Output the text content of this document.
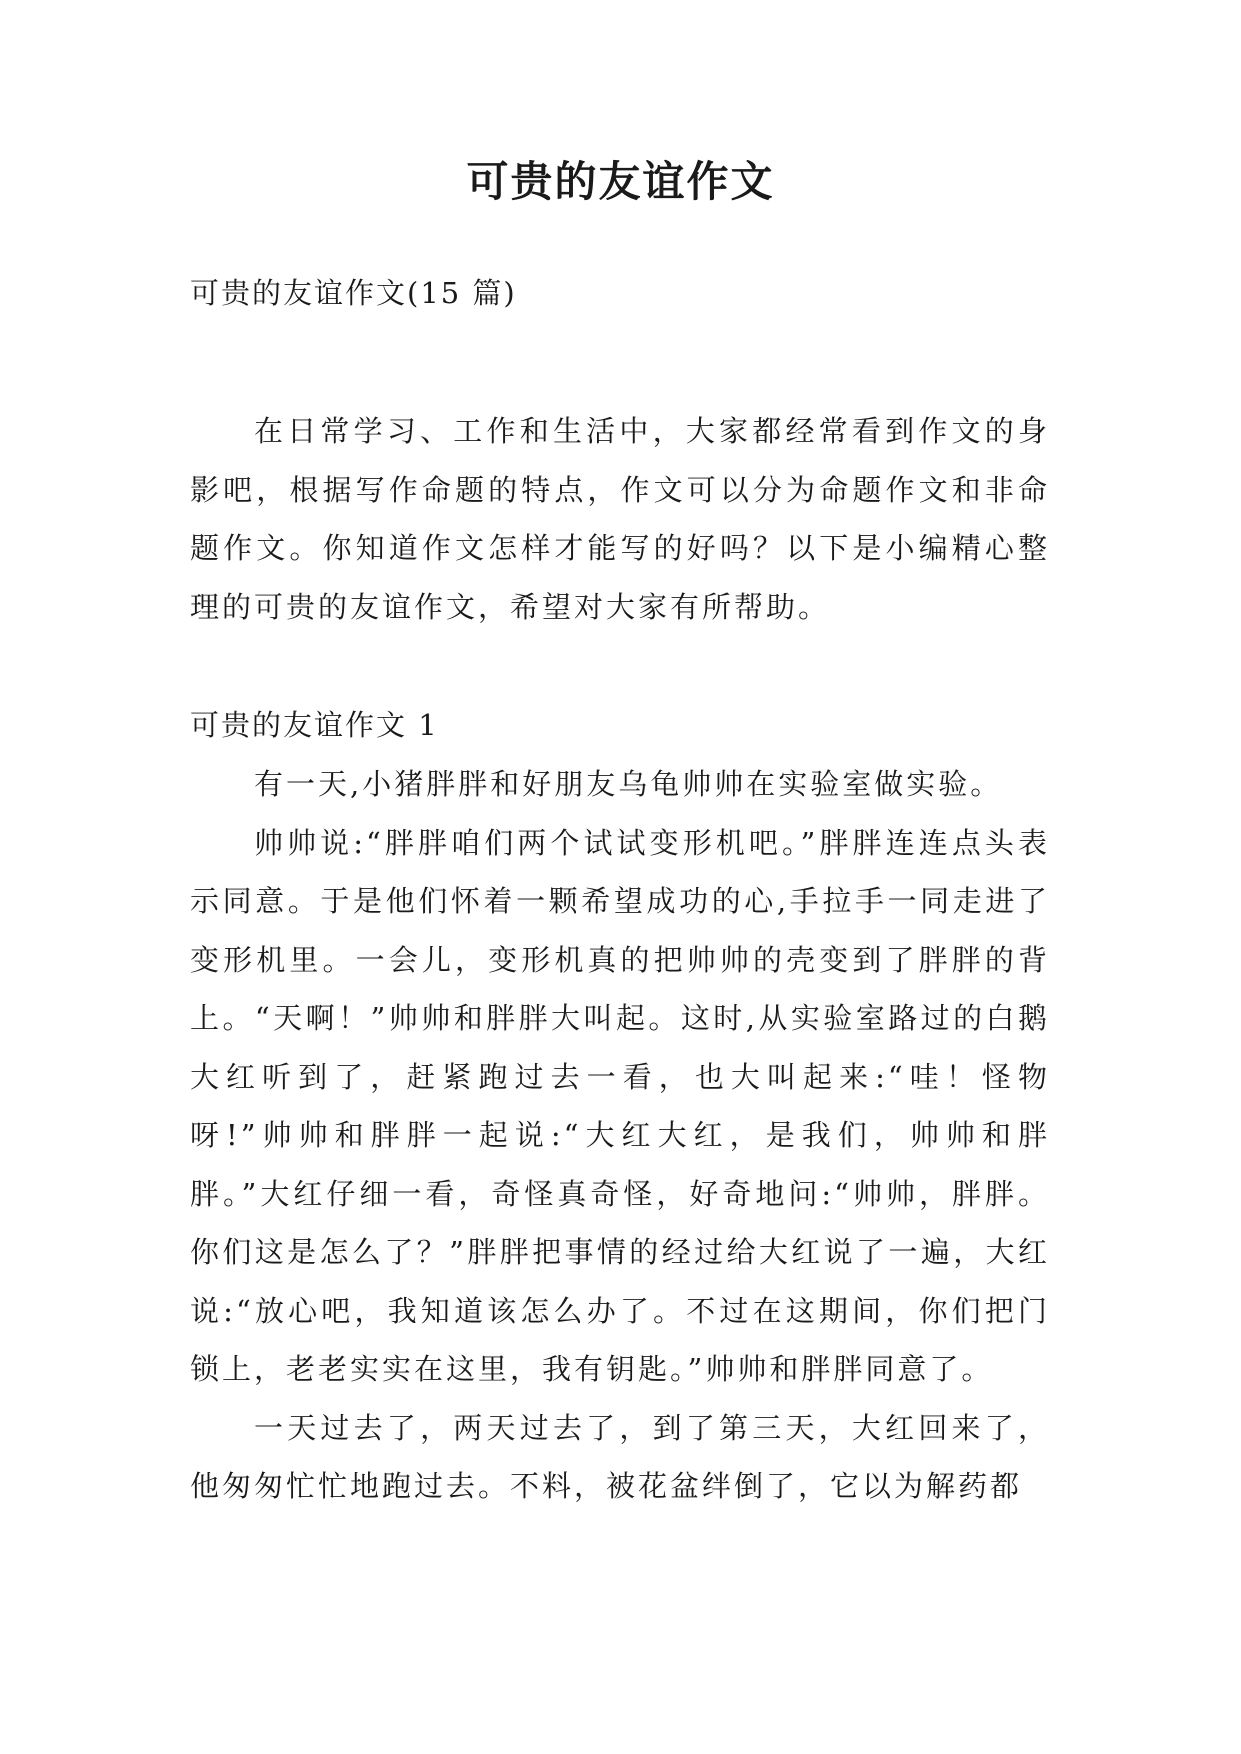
可贵的友谊作文
可贵的友谊作文(15 篇)
在日常学习、工作和生活中，大家都经常看到作文的身影吧，根据写作命题的特点，作文可以分为命题作文和非命题作文。你知道作文怎样才能写的好吗？以下是小编精心整理的可贵的友谊作文，希望对大家有所帮助。
可贵的友谊作文 1

有一天,小猪胖胖和好朋友乌龟帅帅在实验室做实验。

帅帅说:“胖胖咱们两个试试变形机吧。”胖胖连连点头表示同意。于是他们怀着一颗希望成功的心,手拉手一同走进了变形机里。一会儿，变形机真的把帅帅的壳变到了胖胖的背上。“天啊！”帅帅和胖胖大叫起。这时,从实验室路过的白鹅大红听到了，赶紧跑过去一看，也大叫起来:“哇！怪物呀!”帅帅和胖胖一起说:“大红大红，是我们，帅帅和胖胖。”大红仔细一看，奇怪真奇怪，好奇地问:“帅帅，胖胖。你们这是怎么了？”胖胖把事情的经过给大红说了一遍，大红说:“放心吧，我知道该怎么办了。不过在这期间，你们把门锁上，老老实实在这里，我有钥匙。”帅帅和胖胖同意了。

一天过去了，两天过去了，到了第三天，大红回来了，他匆匆忙忙地跑过去。不料，被花盆绊倒了，它以为解药都
